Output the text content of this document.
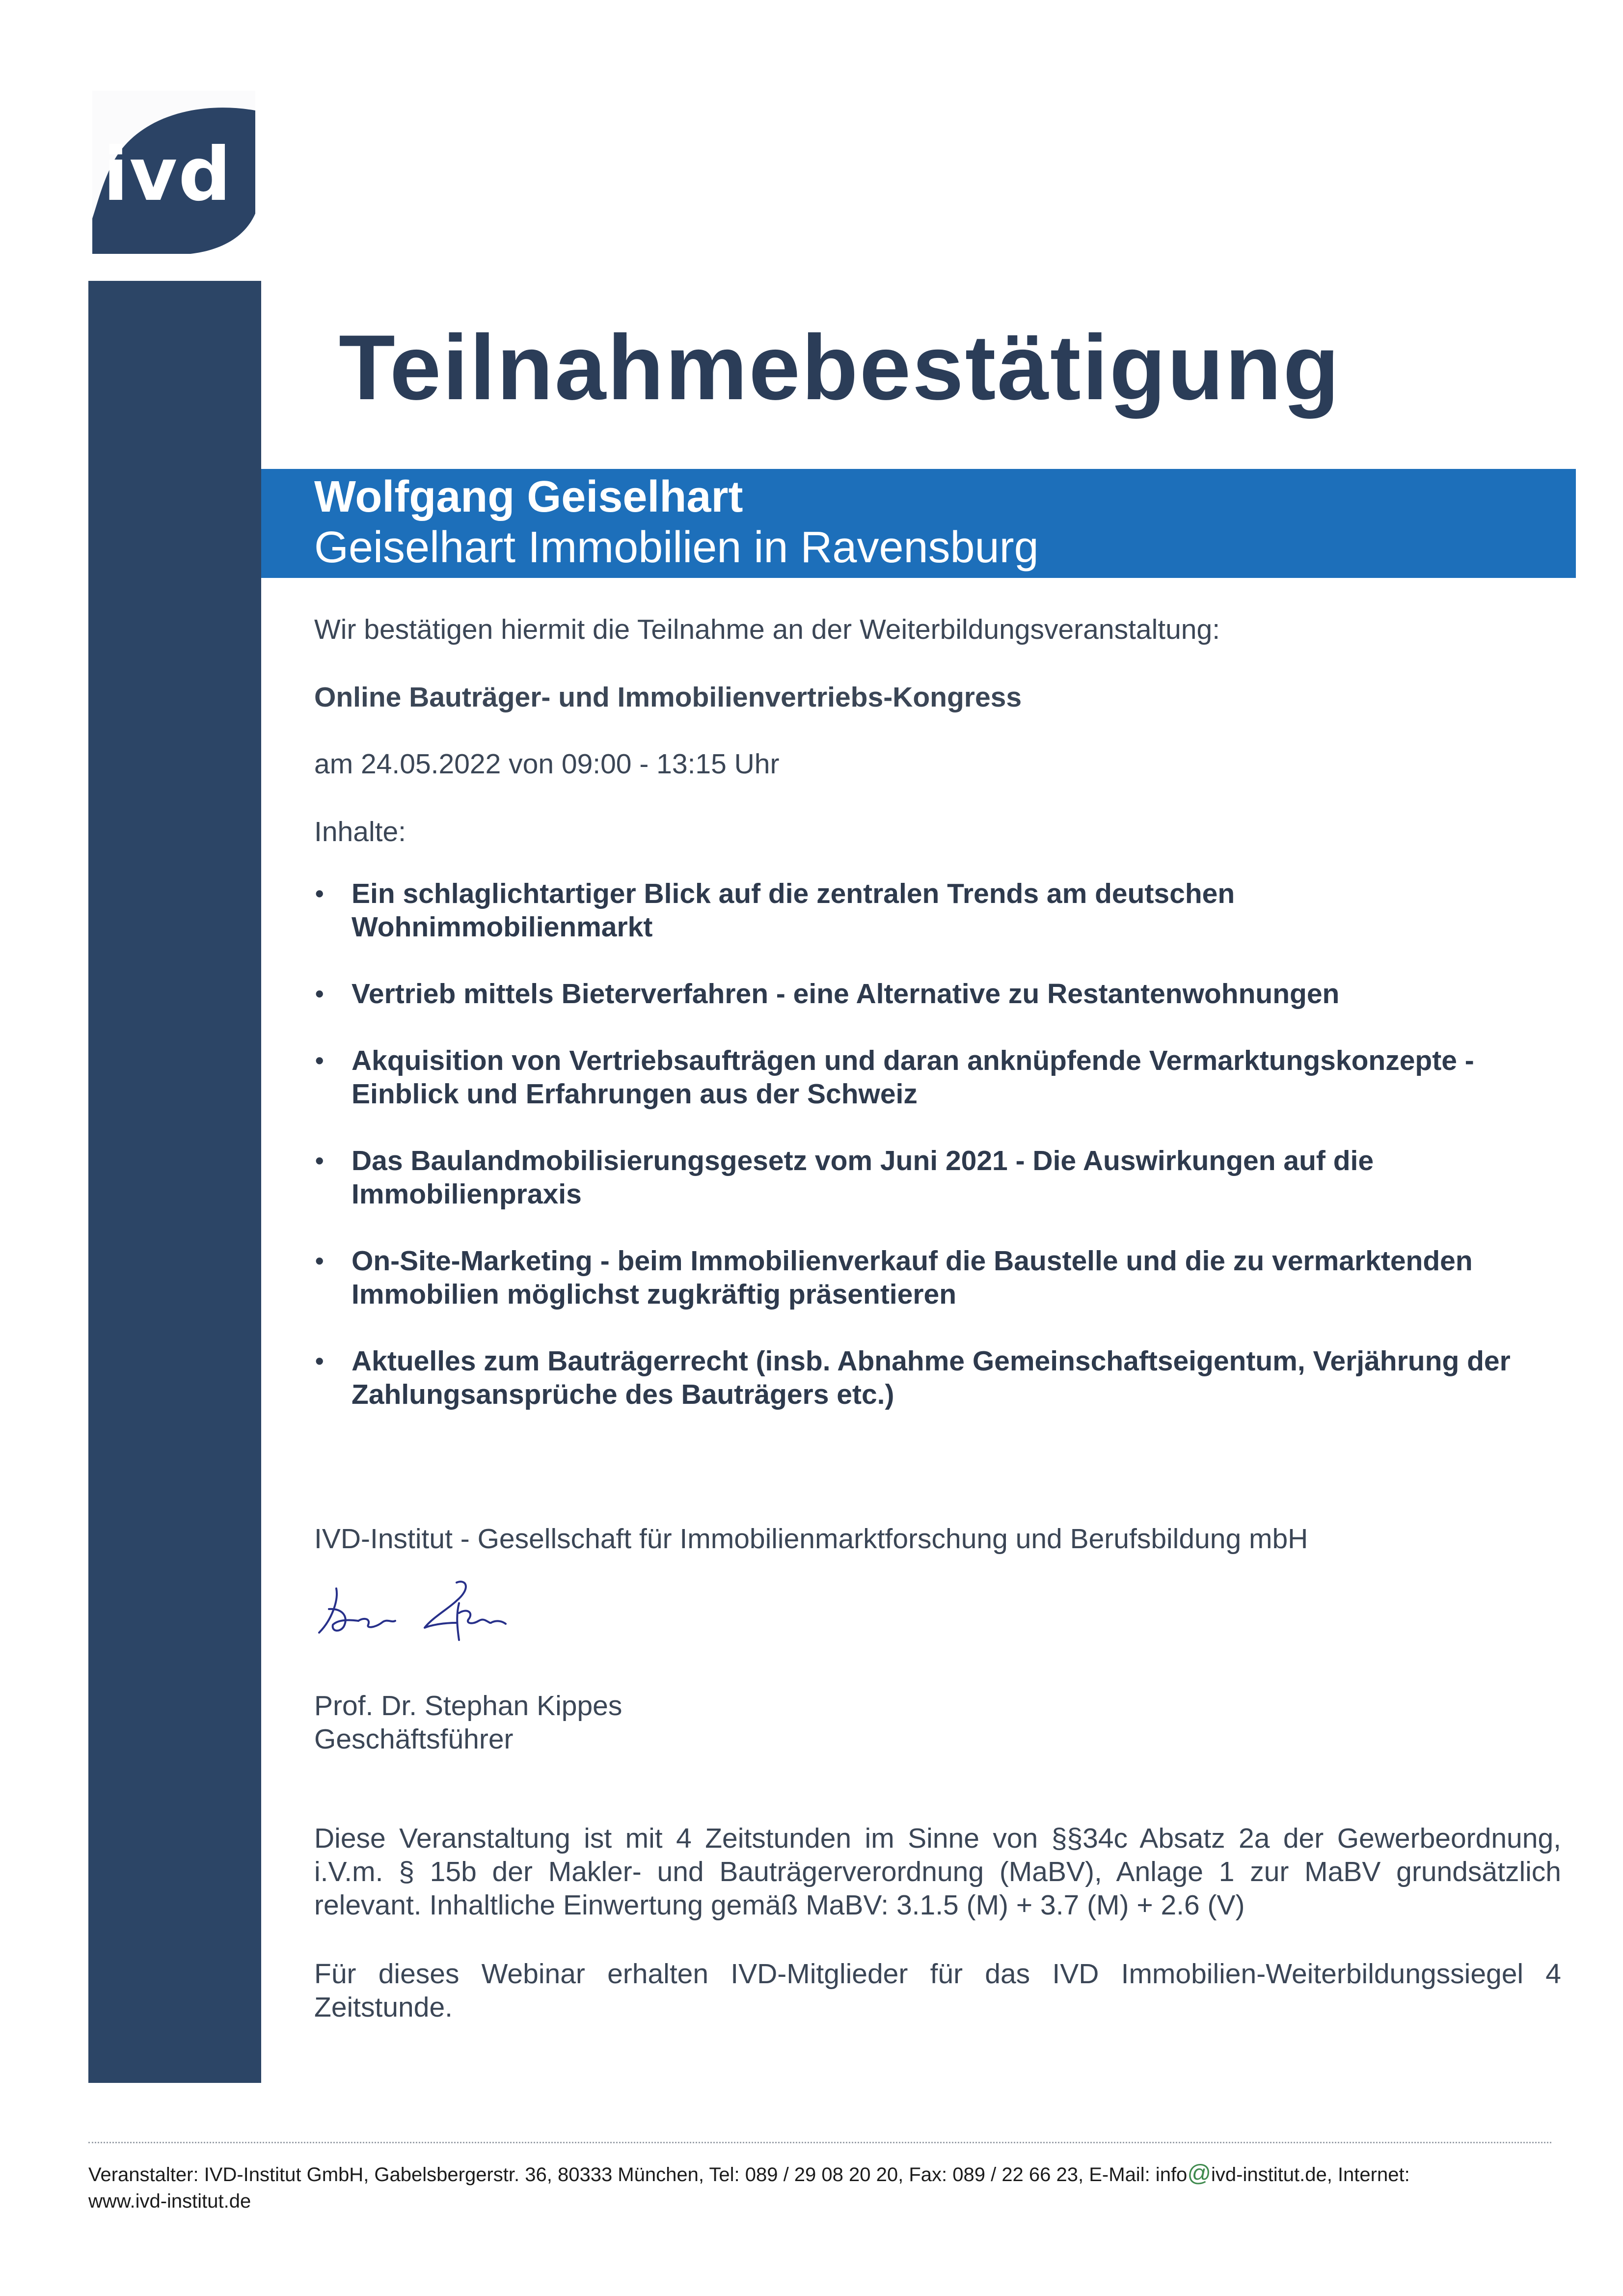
ivd
Teilnahmebestätigung
Wolfgang Geiselhart
Geiselhart Immobilien in Ravensburg
Wir bestätigen hiermit die Teilnahme an der Weiterbildungsveranstaltung:
Online Bauträger- und Immobilienvertriebs-Kongress
am 24.05.2022 von 09:00 - 13:15 Uhr
Inhalte:
• Ein schlaglichtartiger Blick auf die zentralen Trends am deutschen
Wohnimmobilienmarkt
• Vertrieb mittels Bieterverfahren - eine Alternative zu Restantenwohnungen
• Akquisition von Vertriebsaufträgen und daran anknüpfende Vermarktungskonzepte -
Einblick und Erfahrungen aus der Schweiz
• Das Baulandmobilisierungsgesetz vom Juni 2021 - Die Auswirkungen auf die
Immobilienpraxis
• On-Site-Marketing - beim Immobilienverkauf die Baustelle und die zu vermarktenden
Immobilien möglichst zugkräftig präsentieren
• Aktuelles zum Bauträgerrecht (insb. Abnahme Gemeinschaftseigentum, Verjährung der
Zahlungsansprüche des Bauträgers etc.)
IVD-Institut - Gesellschaft für Immobilienmarktforschung und Berufsbildung mbH
Prof. Dr. Stephan Kippes
Geschäftsführer
Diese Veranstaltung ist mit 4 Zeitstunden im Sinne von §§34c Absatz 2a der Gewerbeordnung, i.V.m. § 15b der Makler- und Bauträgerverordnung (MaBV), Anlage 1 zur MaBV grundsätzlich relevant. Inhaltliche Einwertung gemäß MaBV: 3.1.5 (M) + 3.7 (M) + 2.6 (V)
Für dieses Webinar erhalten IVD-Mitglieder für das IVD Immobilien-Weiterbildungssiegel 4 Zeitstunde.
Veranstalter: IVD-Institut GmbH, Gabelsbergerstr. 36, 80333 München, Tel: 089 / 29 08 20 20, Fax: 089 / 22 66 23, E-Mail: info@ivd-institut.de, Internet:
www.ivd-institut.de
